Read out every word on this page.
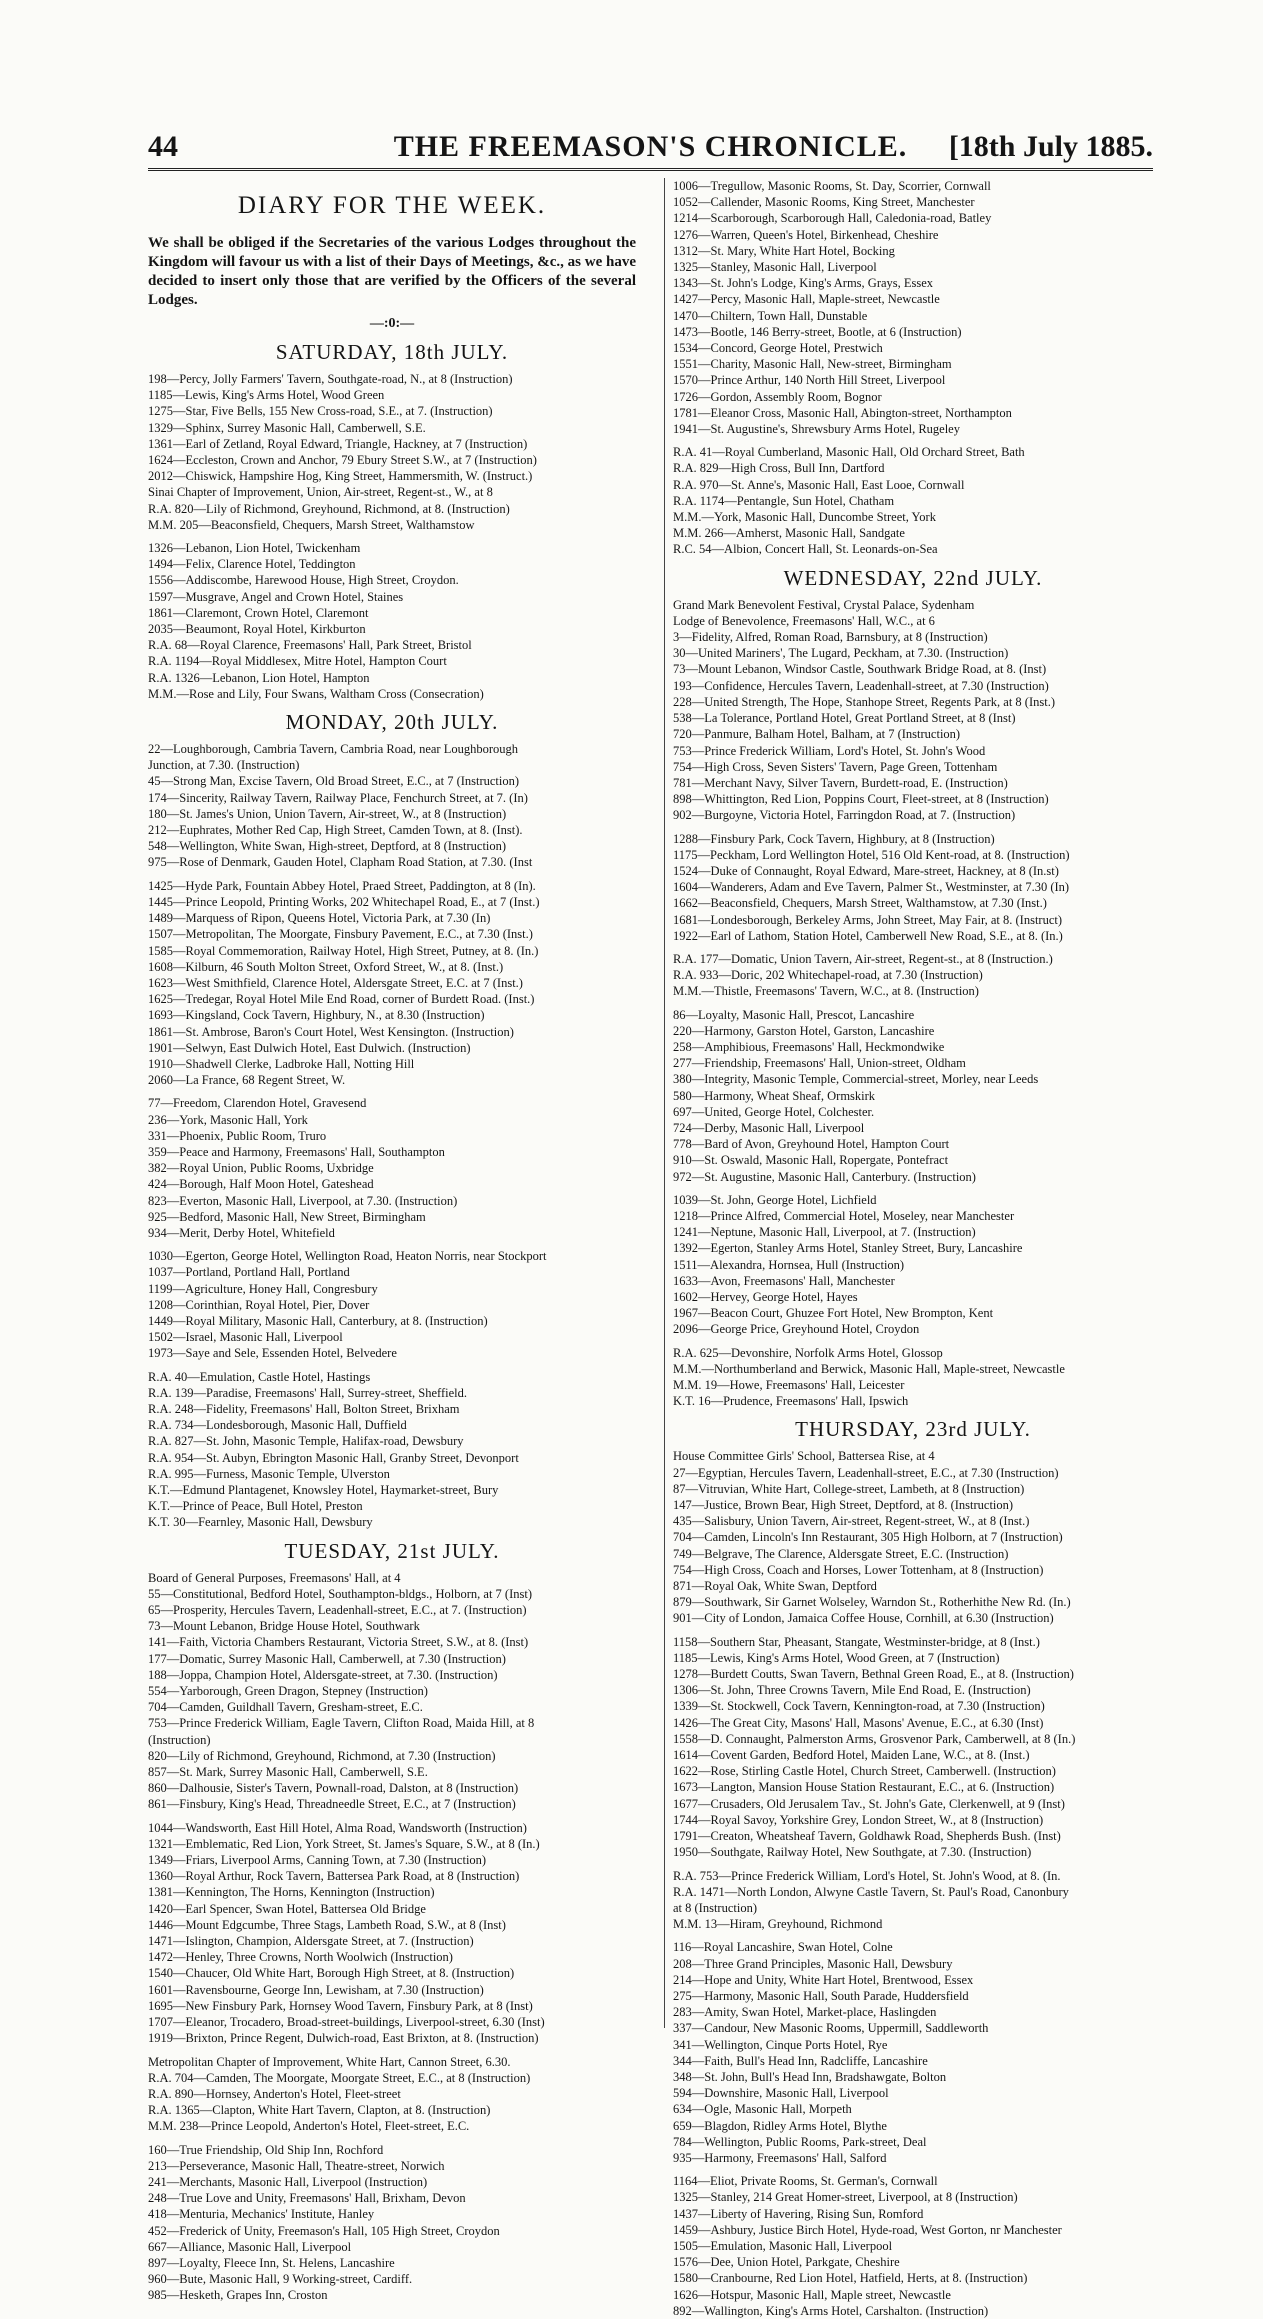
44	THE FREEMASON'S CHRONICLE.	[18th July 1885.
DIARY FOR THE WEEK.

We shall be obliged if the Secretaries of the various Lodges throughout the Kingdom will favour us with a list of their Days of Meetings, &c., as we have decided to insert only those that are verified by the Officers of the several Lodges.

—:0:—
SATURDAY, 18th JULY.
198—Percy, Jolly Farmers' Tavern, Southgate-road, N., at 8 (Instruction)
1185—Lewis, King's Arms Hotel, Wood Green
1275—Star, Five Bells, 155 New Cross-road, S.E., at 7. (Instruction)
1329—Sphinx, Surrey Masonic Hall, Camberwell, S.E.
1361—Earl of Zetland, Royal Edward, Triangle, Hackney, at 7 (Instruction)
1624—Eccleston, Crown and Anchor, 79 Ebury Street S.W., at 7 (Instruction)
2012—Chiswick, Hampshire Hog, King Street, Hammersmith, W. (Instruct.)
Sinai Chapter of Improvement, Union, Air-street, Regent-st., W., at 8
R.A. 820—Lily of Richmond, Greyhound, Richmond, at 8. (Instruction)
M.M. 205—Beaconsfield, Chequers, Marsh Street, Walthamstow
1326—Lebanon, Lion Hotel, Twickenham
1494—Felix, Clarence Hotel, Teddington
1556—Addiscombe, Harewood House, High Street, Croydon.
1597—Musgrave, Angel and Crown Hotel, Staines
1861—Claremont, Crown Hotel, Claremont
2035—Beaumont, Royal Hotel, Kirkburton
R.A. 68—Royal Clarence, Freemasons' Hall, Park Street, Bristol
R.A. 1194—Royal Middlesex, Mitre Hotel, Hampton Court
R.A. 1326—Lebanon, Lion Hotel, Hampton
M.M.—Rose and Lily, Four Swans, Waltham Cross (Consecration)
MONDAY, 20th JULY.
22—Loughborough, Cambria Tavern, Cambria Road, near Loughborough
Junction, at 7.30. (Instruction)
45—Strong Man, Excise Tavern, Old Broad Street, E.C., at 7 (Instruction)
174—Sincerity, Railway Tavern, Railway Place, Fenchurch Street, at 7. (In)
180—St. James's Union, Union Tavern, Air-street, W., at 8 (Instruction)
212—Euphrates, Mother Red Cap, High Street, Camden Town, at 8. (Inst).
548—Wellington, White Swan, High-street, Deptford, at 8 (Instruction)
975—Rose of Denmark, Gauden Hotel, Clapham Road Station, at 7.30. (Inst
1425—Hyde Park, Fountain Abbey Hotel, Praed Street, Paddington, at 8 (In).
1445—Prince Leopold, Printing Works, 202 Whitechapel Road, E., at 7 (Inst.)
1489—Marquess of Ripon, Queens Hotel, Victoria Park, at 7.30 (In)
1507—Metropolitan, The Moorgate, Finsbury Pavement, E.C., at 7.30 (Inst.)
1585—Royal Commemoration, Railway Hotel, High Street, Putney, at 8. (In.)
1608—Kilburn, 46 South Molton Street, Oxford Street, W., at 8. (Inst.)
1623—West Smithfield, Clarence Hotel, Aldersgate Street, E.C. at 7 (Inst.)
1625—Tredegar, Royal Hotel Mile End Road, corner of Burdett Road. (Inst.)
1693—Kingsland, Cock Tavern, Highbury, N., at 8.30 (Instruction)
1861—St. Ambrose, Baron's Court Hotel, West Kensington. (Instruction)
1901—Selwyn, East Dulwich Hotel, East Dulwich. (Instruction)
1910—Shadwell Clerke, Ladbroke Hall, Notting Hill
2060—La France, 68 Regent Street, W.
77—Freedom, Clarendon Hotel, Gravesend
236—York, Masonic Hall, York
331—Phoenix, Public Room, Truro
359—Peace and Harmony, Freemasons' Hall, Southampton
382—Royal Union, Public Rooms, Uxbridge
424—Borough, Half Moon Hotel, Gateshead
823—Everton, Masonic Hall, Liverpool, at 7.30. (Instruction)
925—Bedford, Masonic Hall, New Street, Birmingham
934—Merit, Derby Hotel, Whitefield
1030—Egerton, George Hotel, Wellington Road, Heaton Norris, near Stockport
1037—Portland, Portland Hall, Portland
1199—Agriculture, Honey Hall, Congresbury
1208—Corinthian, Royal Hotel, Pier, Dover
1449—Royal Military, Masonic Hall, Canterbury, at 8. (Instruction)
1502—Israel, Masonic Hall, Liverpool
1973—Saye and Sele, Essenden Hotel, Belvedere
R.A. 40—Emulation, Castle Hotel, Hastings
R.A. 139—Paradise, Freemasons' Hall, Surrey-street, Sheffield.
R.A. 248—Fidelity, Freemasons' Hall, Bolton Street, Brixham
R.A. 734—Londesborough, Masonic Hall, Duffield
R.A. 827—St. John, Masonic Temple, Halifax-road, Dewsbury
R.A. 954—St. Aubyn, Ebrington Masonic Hall, Granby Street, Devonport
R.A. 995—Furness, Masonic Temple, Ulverston
K.T.—Edmund Plantagenet, Knowsley Hotel, Haymarket-street, Bury
K.T.—Prince of Peace, Bull Hotel, Preston
K.T. 30—Fearnley, Masonic Hall, Dewsbury
TUESDAY, 21st JULY.
Board of General Purposes, Freemasons' Hall, at 4
55—Constitutional, Bedford Hotel, Southampton-bldgs., Holborn, at 7 (Inst)
65—Prosperity, Hercules Tavern, Leadenhall-street, E.C., at 7. (Instruction)
73—Mount Lebanon, Bridge House Hotel, Southwark
141—Faith, Victoria Chambers Restaurant, Victoria Street, S.W., at 8. (Inst)
177—Domatic, Surrey Masonic Hall, Camberwell, at 7.30 (Instruction)
188—Joppa, Champion Hotel, Aldersgate-street, at 7.30. (Instruction)
554—Yarborough, Green Dragon, Stepney (Instruction)
704—Camden, Guildhall Tavern, Gresham-street, E.C.
753—Prince Frederick William, Eagle Tavern, Clifton Road, Maida Hill, at 8
(Instruction)
820—Lily of Richmond, Greyhound, Richmond, at 7.30 (Instruction)
857—St. Mark, Surrey Masonic Hall, Camberwell, S.E.
860—Dalhousie, Sister's Tavern, Pownall-road, Dalston, at 8 (Instruction)
861—Finsbury, King's Head, Threadneedle Street, E.C., at 7 (Instruction)
1044—Wandsworth, East Hill Hotel, Alma Road, Wandsworth (Instruction)
1321—Emblematic, Red Lion, York Street, St. James's Square, S.W., at 8 (In.)
1349—Friars, Liverpool Arms, Canning Town, at 7.30 (Instruction)
1360—Royal Arthur, Rock Tavern, Battersea Park Road, at 8 (Instruction)
1381—Kennington, The Horns, Kennington (Instruction)
1420—Earl Spencer, Swan Hotel, Battersea Old Bridge
1446—Mount Edgcumbe, Three Stags, Lambeth Road, S.W., at 8 (Inst)
1471—Islington, Champion, Aldersgate Street, at 7. (Instruction)
1472—Henley, Three Crowns, North Woolwich (Instruction)
1540—Chaucer, Old White Hart, Borough High Street, at 8. (Instruction)
1601—Ravensbourne, George Inn, Lewisham, at 7.30 (Instruction)
1695—New Finsbury Park, Hornsey Wood Tavern, Finsbury Park, at 8 (Inst)
1707—Eleanor, Trocadero, Broad-street-buildings, Liverpool-street, 6.30 (Inst)
1919—Brixton, Prince Regent, Dulwich-road, East Brixton, at 8. (Instruction)
Metropolitan Chapter of Improvement, White Hart, Cannon Street, 6.30.
R.A. 704—Camden, The Moorgate, Moorgate Street, E.C., at 8 (Instruction)
R.A. 890—Hornsey, Anderton's Hotel, Fleet-street
R.A. 1365—Clapton, White Hart Tavern, Clapton, at 8. (Instruction)
M.M. 238—Prince Leopold, Anderton's Hotel, Fleet-street, E.C.
160—True Friendship, Old Ship Inn, Rochford
213—Perseverance, Masonic Hall, Theatre-street, Norwich
241—Merchants, Masonic Hall, Liverpool (Instruction)
248—True Love and Unity, Freemasons' Hall, Brixham, Devon
418—Menturia, Mechanics' Institute, Hanley
452—Frederick of Unity, Freemason's Hall, 105 High Street, Croydon
667—Alliance, Masonic Hall, Liverpool
897—Loyalty, Fleece Inn, St. Helens, Lancashire
960—Bute, Masonic Hall, 9 Working-street, Cardiff.
985—Hesketh, Grapes Inn, Croston
1006—Tregullow, Masonic Rooms, St. Day, Scorrier, Cornwall
1052—Callender, Masonic Rooms, King Street, Manchester
1214—Scarborough, Scarborough Hall, Caledonia-road, Batley
1276—Warren, Queen's Hotel, Birkenhead, Cheshire
1312—St. Mary, White Hart Hotel, Bocking
1325—Stanley, Masonic Hall, Liverpool
1343—St. John's Lodge, King's Arms, Grays, Essex
1427—Percy, Masonic Hall, Maple-street, Newcastle
1470—Chiltern, Town Hall, Dunstable
1473—Bootle, 146 Berry-street, Bootle, at 6 (Instruction)
1534—Concord, George Hotel, Prestwich
1551—Charity, Masonic Hall, New-street, Birmingham
1570—Prince Arthur, 140 North Hill Street, Liverpool
1726—Gordon, Assembly Room, Bognor
1781—Eleanor Cross, Masonic Hall, Abington-street, Northampton
1941—St. Augustine's, Shrewsbury Arms Hotel, Rugeley
R.A. 41—Royal Cumberland, Masonic Hall, Old Orchard Street, Bath
R.A. 829—High Cross, Bull Inn, Dartford
R.A. 970—St. Anne's, Masonic Hall, East Looe, Cornwall
R.A. 1174—Pentangle, Sun Hotel, Chatham
M.M.—York, Masonic Hall, Duncombe Street, York
M.M. 266—Amherst, Masonic Hall, Sandgate
R.C. 54—Albion, Concert Hall, St. Leonards-on-Sea
WEDNESDAY, 22nd JULY.
Grand Mark Benevolent Festival, Crystal Palace, Sydenham
Lodge of Benevolence, Freemasons' Hall, W.C., at 6
3—Fidelity, Alfred, Roman Road, Barnsbury, at 8 (Instruction)
30—United Mariners', The Lugard, Peckham, at 7.30. (Instruction)
73—Mount Lebanon, Windsor Castle, Southwark Bridge Road, at 8. (Inst)
193—Confidence, Hercules Tavern, Leadenhall-street, at 7.30 (Instruction)
228—United Strength, The Hope, Stanhope Street, Regents Park, at 8 (Inst.)
538—La Tolerance, Portland Hotel, Great Portland Street, at 8 (Inst)
720—Panmure, Balham Hotel, Balham, at 7 (Instruction)
753—Prince Frederick William, Lord's Hotel, St. John's Wood
754—High Cross, Seven Sisters' Tavern, Page Green, Tottenham
781—Merchant Navy, Silver Tavern, Burdett-road, E. (Instruction)
898—Whittington, Red Lion, Poppins Court, Fleet-street, at 8 (Instruction)
902—Burgoyne, Victoria Hotel, Farringdon Road, at 7. (Instruction)
1288—Finsbury Park, Cock Tavern, Highbury, at 8 (Instruction)
1175—Peckham, Lord Wellington Hotel, 516 Old Kent-road, at 8. (Instruction)
1524—Duke of Connaught, Royal Edward, Mare-street, Hackney, at 8 (In.st)
1604—Wanderers, Adam and Eve Tavern, Palmer St., Westminster, at 7.30 (In)
1662—Beaconsfield, Chequers, Marsh Street, Walthamstow, at 7.30 (Inst.)
1681—Londesborough, Berkeley Arms, John Street, May Fair, at 8. (Instruct)
1922—Earl of Lathom, Station Hotel, Camberwell New Road, S.E., at 8. (In.)
R.A. 177—Domatic, Union Tavern, Air-street, Regent-st., at 8 (Instruction.)
R.A. 933—Doric, 202 Whitechapel-road, at 7.30 (Instruction)
M.M.—Thistle, Freemasons' Tavern, W.C., at 8. (Instruction)
86—Loyalty, Masonic Hall, Prescot, Lancashire
220—Harmony, Garston Hotel, Garston, Lancashire
258—Amphibious, Freemasons' Hall, Heckmondwike
277—Friendship, Freemasons' Hall, Union-street, Oldham
380—Integrity, Masonic Temple, Commercial-street, Morley, near Leeds
580—Harmony, Wheat Sheaf, Ormskirk
697—United, George Hotel, Colchester.
724—Derby, Masonic Hall, Liverpool
778—Bard of Avon, Greyhound Hotel, Hampton Court
910—St. Oswald, Masonic Hall, Ropergate, Pontefract
972—St. Augustine, Masonic Hall, Canterbury. (Instruction)
1039—St. John, George Hotel, Lichfield
1218—Prince Alfred, Commercial Hotel, Moseley, near Manchester
1241—Neptune, Masonic Hall, Liverpool, at 7. (Instruction)
1392—Egerton, Stanley Arms Hotel, Stanley Street, Bury, Lancashire
1511—Alexandra, Hornsea, Hull (Instruction)
1633—Avon, Freemasons' Hall, Manchester
1602—Hervey, George Hotel, Hayes
1967—Beacon Court, Ghuzee Fort Hotel, New Brompton, Kent
2096—George Price, Greyhound Hotel, Croydon
R.A. 625—Devonshire, Norfolk Arms Hotel, Glossop
M.M.—Northumberland and Berwick, Masonic Hall, Maple-street, Newcastle
M.M. 19—Howe, Freemasons' Hall, Leicester
K.T. 16—Prudence, Freemasons' Hall, Ipswich
THURSDAY, 23rd JULY.
House Committee Girls' School, Battersea Rise, at 4
27—Egyptian, Hercules Tavern, Leadenhall-street, E.C., at 7.30 (Instruction)
87—Vitruvian, White Hart, College-street, Lambeth, at 8 (Instruction)
147—Justice, Brown Bear, High Street, Deptford, at 8. (Instruction)
435—Salisbury, Union Tavern, Air-street, Regent-street, W., at 8 (Inst.)
704—Camden, Lincoln's Inn Restaurant, 305 High Holborn, at 7 (Instruction)
749—Belgrave, The Clarence, Aldersgate Street, E.C. (Instruction)
754—High Cross, Coach and Horses, Lower Tottenham, at 8 (Instruction)
871—Royal Oak, White Swan, Deptford
879—Southwark, Sir Garnet Wolseley, Warndon St., Rotherhithe New Rd. (In.)
901—City of London, Jamaica Coffee House, Cornhill, at 6.30 (Instruction)
1158—Southern Star, Pheasant, Stangate, Westminster-bridge, at 8 (Inst.)
1185—Lewis, King's Arms Hotel, Wood Green, at 7 (Instruction)
1278—Burdett Coutts, Swan Tavern, Bethnal Green Road, E., at 8. (Instruction)
1306—St. John, Three Crowns Tavern, Mile End Road, E. (Instruction)
1339—St. Stockwell, Cock Tavern, Kennington-road, at 7.30 (Instruction)
1426—The Great City, Masons' Hall, Masons' Avenue, E.C., at 6.30 (Inst)
1558—D. Connaught, Palmerston Arms, Grosvenor Park, Camberwell, at 8 (In.)
1614—Covent Garden, Bedford Hotel, Maiden Lane, W.C., at 8. (Inst.)
1622—Rose, Stirling Castle Hotel, Church Street, Camberwell. (Instruction)
1673—Langton, Mansion House Station Restaurant, E.C., at 6. (Instruction)
1677—Crusaders, Old Jerusalem Tav., St. John's Gate, Clerkenwell, at 9 (Inst)
1744—Royal Savoy, Yorkshire Grey, London Street, W., at 8 (Instruction)
1791—Creaton, Wheatsheaf Tavern, Goldhawk Road, Shepherds Bush. (Inst)
1950—Southgate, Railway Hotel, New Southgate, at 7.30. (Instruction)
R.A. 753—Prince Frederick William, Lord's Hotel, St. John's Wood, at 8. (In.
R.A. 1471—North London, Alwyne Castle Tavern, St. Paul's Road, Canonbury
at 8 (Instruction)
M.M. 13—Hiram, Greyhound, Richmond
116—Royal Lancashire, Swan Hotel, Colne
208—Three Grand Principles, Masonic Hall, Dewsbury
214—Hope and Unity, White Hart Hotel, Brentwood, Essex
275—Harmony, Masonic Hall, South Parade, Huddersfield
283—Amity, Swan Hotel, Market-place, Haslingden
337—Candour, New Masonic Rooms, Uppermill, Saddleworth
341—Wellington, Cinque Ports Hotel, Rye
344—Faith, Bull's Head Inn, Radcliffe, Lancashire
348—St. John, Bull's Head Inn, Bradshawgate, Bolton
594—Downshire, Masonic Hall, Liverpool
634—Ogle, Masonic Hall, Morpeth
659—Blagdon, Ridley Arms Hotel, Blythe
784—Wellington, Public Rooms, Park-street, Deal
935—Harmony, Freemasons' Hall, Salford
1164—Eliot, Private Rooms, St. German's, Cornwall
1325—Stanley, 214 Great Homer-street, Liverpool, at 8 (Instruction)
1437—Liberty of Havering, Rising Sun, Romford
1459—Ashbury, Justice Birch Hotel, Hyde-road, West Gorton, nr Manchester
1505—Emulation, Masonic Hall, Liverpool
1576—Dee, Union Hotel, Parkgate, Cheshire
1580—Cranbourne, Red Lion Hotel, Hatfield, Herts, at 8. (Instruction)
1626—Hotspur, Masonic Hall, Maple street, Newcastle
892—Wallington, King's Arms Hotel, Carshalton. (Instruction)
